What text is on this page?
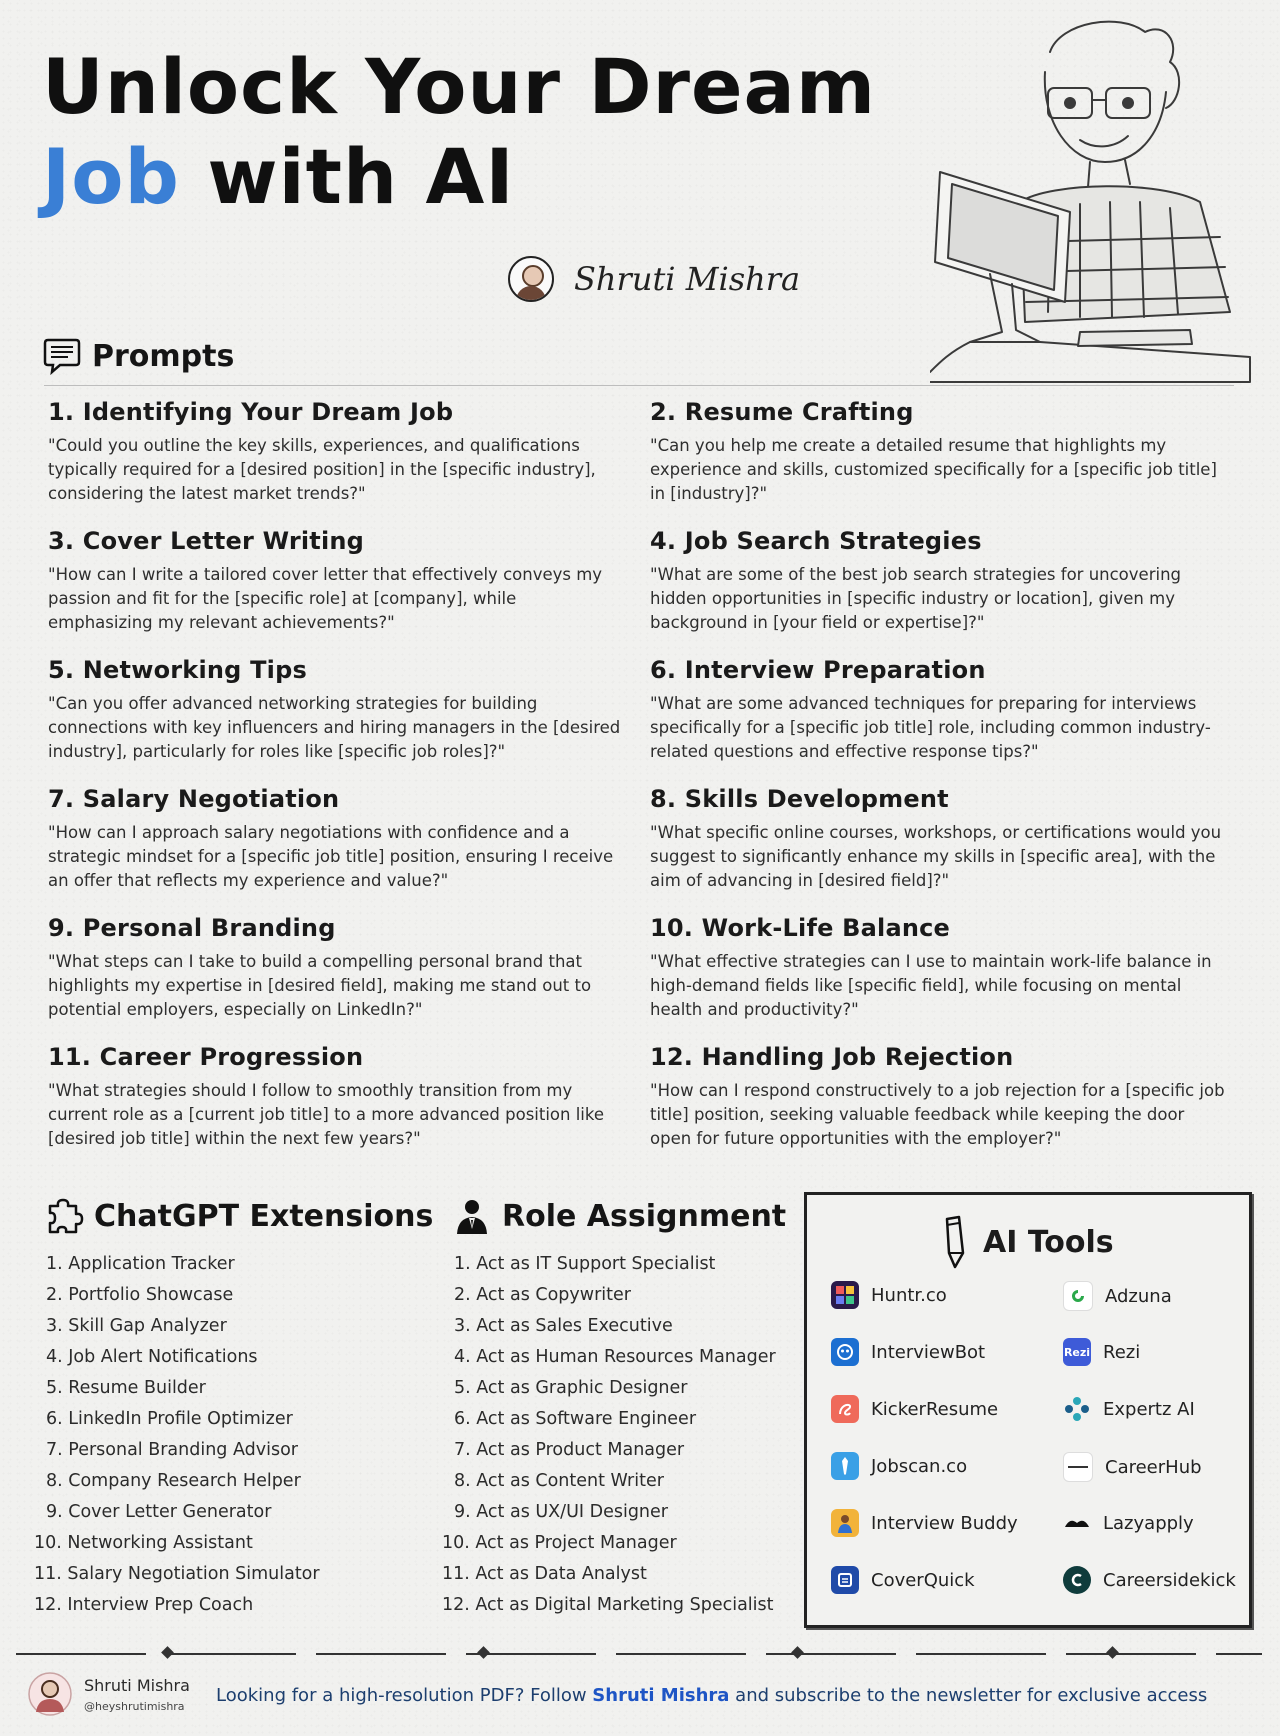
Unlock Your Dream
Job with AI
Shruti Mishra
Prompts
1. Identifying Your Dream Job

"Could you outline the key skills, experiences, and qualifications typically required for a [desired position] in the [specific industry], considering the latest market trends?"

2. Resume Crafting

"Can you help me create a detailed resume that highlights my experience and skills, customized specifically for a [specific job title] in [industry]?"

3. Cover Letter Writing

"How can I write a tailored cover letter that effectively conveys my passion and fit for the [specific role] at [company], while emphasizing my relevant achievements?"

4. Job Search Strategies

"What are some of the best job search strategies for uncovering hidden opportunities in [specific industry or location], given my background in [your field or expertise]?"

5. Networking Tips

"Can you offer advanced networking strategies for building connections with key influencers and hiring managers in the [desired industry], particularly for roles like [specific job roles]?"

6. Interview Preparation

"What are some advanced techniques for preparing for interviews specifically for a [specific job title] role, including common industry-related questions and effective response tips?"

7. Salary Negotiation

"How can I approach salary negotiations with confidence and a strategic mindset for a [specific job title] position, ensuring I receive an offer that reflects my experience and value?"

8. Skills Development

"What specific online courses, workshops, or certifications would you suggest to significantly enhance my skills in [specific area], with the aim of advancing in [desired field]?"

9. Personal Branding

"What steps can I take to build a compelling personal brand that highlights my expertise in [desired field], making me stand out to potential employers, especially on LinkedIn?"

10. Work-Life Balance

"What effective strategies can I use to maintain work-life balance in high-demand fields like [specific field], while focusing on mental health and productivity?"

11. Career Progression

"What strategies should I follow to smoothly transition from my current role as a [current job title] to a more advanced position like [desired job title] within the next few years?"

12. Handling Job Rejection

"How can I respond constructively to a job rejection for a [specific job title] position, seeking valuable feedback while keeping the door open for future opportunities with the employer?"

ChatGPT Extensions
1. Application Tracker
2. Portfolio Showcase
3. Skill Gap Analyzer
4. Job Alert Notifications
5. Resume Builder
6. LinkedIn Profile Optimizer
7. Personal Branding Advisor
8. Company Research Helper
9. Cover Letter Generator
10. Networking Assistant
11. Salary Negotiation Simulator
12. Interview Prep Coach
Role Assignment
1. Act as IT Support Specialist
2. Act as Copywriter
3. Act as Sales Executive
4. Act as Human Resources Manager
5. Act as Graphic Designer
6. Act as Software Engineer
7. Act as Product Manager
8. Act as Content Writer
9. Act as UX/UI Designer
10. Act as Project Manager
11. Act as Data Analyst
12. Act as Digital Marketing Specialist
AI Tools
Huntr.co	Adzuna
InterviewBot	Rezi Rezi
KickerResume	Expertz AI
Jobscan.co	CareerHub
Interview Buddy	Lazyapply
CoverQuick	Careersidekick
Shruti Mishra
@heyshrutimishra
Looking for a high-resolution PDF? Follow Shruti Mishra and subscribe to the newsletter for exclusive access
